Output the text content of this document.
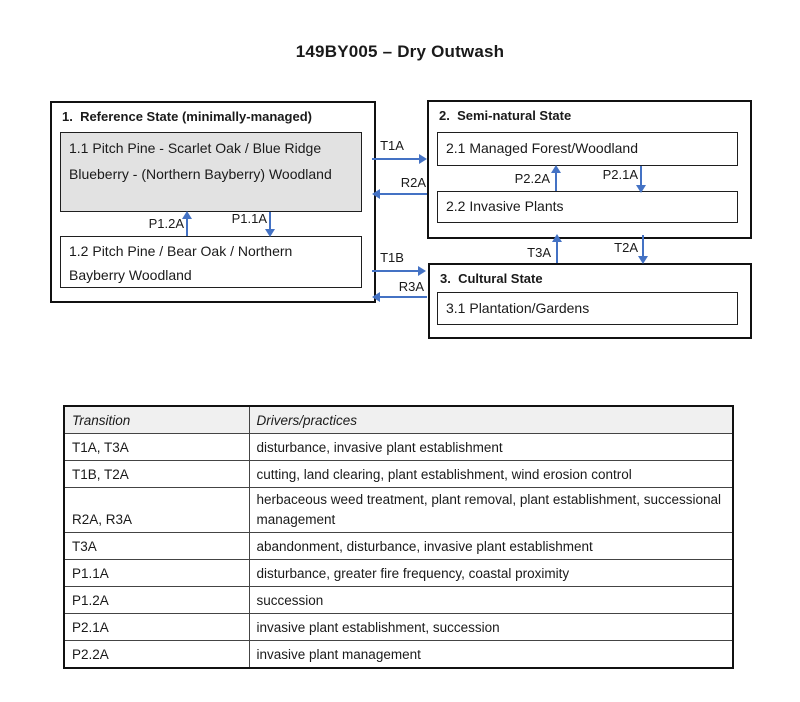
149BY005 – Dry Outwash
1.  Reference State (minimally-managed)
1.1 Pitch Pine - Scarlet Oak / Blue Ridge Blueberry - (Northern Bayberry) Woodland
1.2 Pitch Pine / Bear Oak / Northern Bayberry Woodland
P1.2A	P1.1A
2.  Semi-natural State
2.1 Managed Forest/Woodland
2.2 Invasive Plants
P2.2A	P2.1A
3.  Cultural State
3.1 Plantation/Gardens
T1A
R2A
T1B
R3A
T3A	T2A
Transition	Drivers/practices
T1A, T3A	disturbance, invasive plant establishment
T1B, T2A	cutting, land clearing, plant establishment, wind erosion control
R2A, R3A	herbaceous weed treatment, plant removal, plant establishment, successional management
T3A	abandonment, disturbance, invasive plant establishment
P1.1A	disturbance, greater fire frequency, coastal proximity
P1.2A	succession
P2.1A	invasive plant establishment, succession
P2.2A	invasive plant management
